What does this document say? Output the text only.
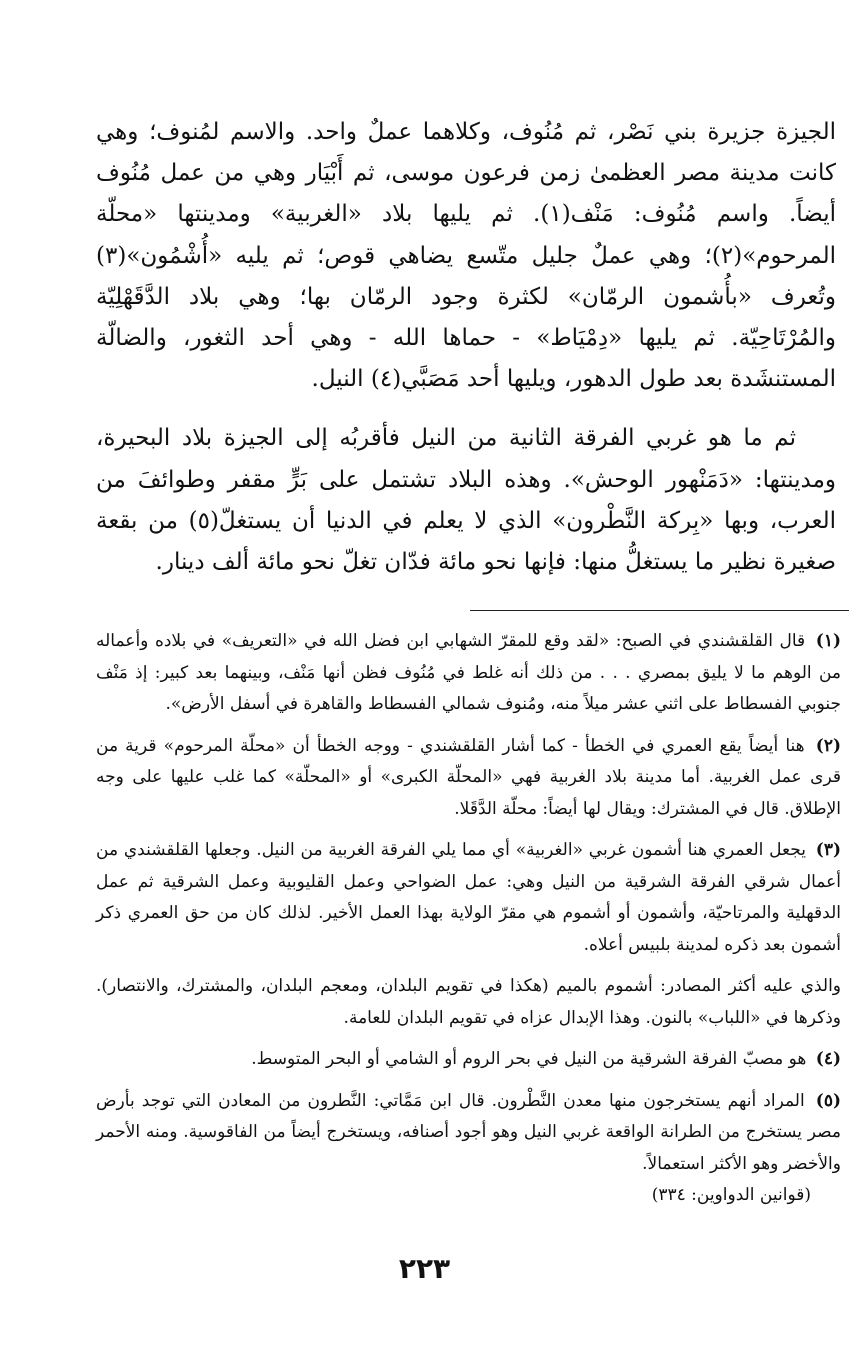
الجيزة جزيرة بني نَصْر، ثم مُنُوف، وكلاهما عملٌ واحد. والاسم لمُنوف؛ وهي كانت مدينة مصر العظمىٰ زمن فرعون موسى، ثم أَبْيَار وهي من عمل مُنُوف أيضاً. واسم مُنُوف: مَنْف(١). ثم يليها بلاد «الغربية» ومدينتها «محلّة المرحوم»(٢)؛ وهي عملٌ جليل متّسع يضاهي قوص؛ ثم يليه «أُشْمُون»(٣) وتُعرف «بأُشمون الرمّان» لكثرة وجود الرمّان بها؛ وهي بلاد الدَّقَهْلِيّة والمُرْتَاحِيّة. ثم يليها «دِمْيَاط» - حماها الله - وهي أحد الثغور، والضالّة المستنشَدة بعد طول الدهور، ويليها أحد مَصَبَّي(٤) النيل.

ثم ما هو غربي الفرقة الثانية من النيل فأقربُه إلى الجيزة بلاد البحيرة، ومدينتها: «دَمَنْهور الوحش». وهذه البلاد تشتمل على بَرٍّ مقفر وطوائفَ من العرب، وبها «بِركة النَّطْرون» الذي لا يعلم في الدنيا أن يستغلّ(٥) من بقعة صغيرة نظير ما يستغلُّ منها: فإنها نحو مائة فدّان تغلّ نحو مائة ألف دينار.

(١) قال القلقشندي في الصبح: «لقد وقع للمقرّ الشهابي ابن فضل الله في «التعريف» في بلاده وأعماله من الوهم ما لا يليق بمصري . . . من ذلك أنه غلط في مُنُوف فظن أنها مَنْف، وبينهما بعد كبير: إذ مَنْف جنوبي الفسطاط على اثني عشر ميلاً منه، ومُنوف شمالي الفسطاط والقاهرة في أسفل الأرض».

(٢) هنا أيضاً يقع العمري في الخطأ - كما أشار القلقشندي - ووجه الخطأ أن «محلّة المرحوم» قرية من قرى عمل الغربية. أما مدينة بلاد الغربية فهي «المحلّة الكبرى» أو «المحلّة» كما غلب عليها على وجه الإطلاق. قال في المشترك: ويقال لها أيضاً: محلّة الدَّقَلا.

(٣) يجعل العمري هنا أشمون غربي «الغربية» أي مما يلي الفرقة الغربية من النيل. وجعلها القلقشندي من أعمال شرقي الفرقة الشرقية من النيل وهي: عمل الضواحي وعمل القليوبية وعمل الشرقية ثم عمل الدقهلية والمرتاحيّة، وأشمون أو أشموم هي مقرّ الولاية بهذا العمل الأخير. لذلك كان من حق العمري ذكر أشمون بعد ذكره لمدينة بلبيس أعلاه.

والذي عليه أكثر المصادر: أشموم بالميم (هكذا في تقويم البلدان، ومعجم البلدان، والمشترك، والانتصار). وذكرها في «اللباب» بالنون. وهذا الإبدال عزاه في تقويم البلدان للعامة.

(٤) هو مصبّ الفرقة الشرقية من النيل في بحر الروم أو الشامي أو البحر المتوسط.

(٥) المراد أنهم يستخرجون منها معدن النَّطْرون. قال ابن مَمَّاتي: النَّطرون من المعادن التي توجد بأرض مصر يستخرج من الطرانة الواقعة غربي النيل وهو أجود أصنافه، ويستخرج أيضاً من الفاقوسية. ومنه الأحمر والأخضر وهو الأكثر استعمالاً.

(قوانين الدواوين: ٣٣٤)

٢٢٣
